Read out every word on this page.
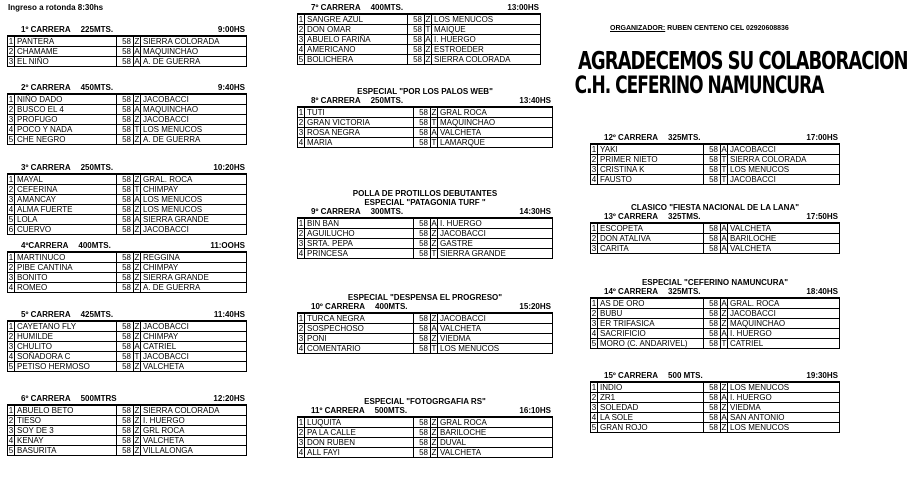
Ingreso a rotonda 8:30hs
ORGANIZADOR: RUBEN CENTENO CEL 02920608836
AGRADECEMOS SU COLABORACION
C.H. CEFERINO NAMUNCURA
1º CARRERA 225MTS.	9:00HS
1	PANTERA	58	Z	SIERRA COLORADA
2	CHAMAME	58	A	MAQUINCHAO
3	EL NIÑO	58	A	A. DE GUERRA
2º CARRERA 450MTS.	9:40HS
1	NIÑO DADO	58	Z	JACOBACCI
2	BUSCO EL 4	58	A	MAQUINCHAO
3	PROFUGO	58	Z	JACOBACCI
4	POCO Y NADA	58	T	LOS MENUCOS
5	CHE NEGRO	58	Z	A. DE GUERRA
3º CARRERA 250MTS.	10:20HS
1	MAYAL	58	Z	GRAL. ROCA
2	CEFERINA	58	T	CHIMPAY
3	AMANCAY	58	A	LOS MENUCOS
4	ALMA FUERTE	58	Z	LOS MENUCOS
5	LOLA	58	A	SIERRA GRANDE
6	CUERVO	58	Z	JACOBACCI
4ºCARRERA 400MTS.	11:OOHS
1	MARTINUCO	58	Z	REGGINA
2	PIBE CANTINA	58	Z	CHIMPAY
3	BONITO	58	Z	SIERRA GRANDE
4	ROMEO	58	Z	A. DE GUERRA
5º CARRERA 425MTS.	11:40HS
1	CAYETANO FLY	58	Z	JACOBACCI
2	HUMILDE	58	Z	CHIMPAY
3	CHULITO	58	A	CATRIEL
4	SOÑADORA C	58	T	JACOBACCI
5	PETISO HERMOSO	58	Z	VALCHETA
6º CARRERA 500MTRS	12:20HS
1	ABUELO BETO	58	Z	SIERRA COLORADA
2	TIESO	58	Z	I. HUERGO
3	SOY DE 3	58	Z	GRL ROCA
4	KENAY	58	Z	VALCHETA
5	BASURITA	58	Z	VILLALONGA
7º CARRERA 400MTS.	13:00HS
1	SANGRE AZUL	58	Z	LOS MENUCOS
2	DON OMAR	58	T	MAIQUE
3	ABUELO FARIÑA	58	A	I. HUERGO
4	AMERICANO	58	Z	ESTROEDER
5	BOLICHERA	58	Z	SIERRA COLORADA
ESPECIAL "POR LOS PALOS WEB"
8º CARRERA 250MTS.	13:40HS
1	TUTI	58	Z	GRAL ROCA
2	GRAN VICTORIA	58	T	MAQUINCHAO
3	ROSA NEGRA	58	A	VALCHETA
4	MARIA	58	T	LAMARQUE
POLLA DE PROTILLOS DEBUTANTES
ESPECIAL "PATAGONIA TURF "
9º CARRERA 300MTS.	14:30HS
1	BIN BAN	58	A	I. HUERGO
2	AGUILUCHO	58	Z	JACOBACCI
3	SRTA. PEPA	58	Z	GASTRE
4	PRINCESA	58	T	SIERRA GRANDE
ESPECIAL "DESPENSA EL PROGRESO"
10º CARRERA 400MTS.	15:20HS
1	TURCA NEGRA	58	Z	JACOBACCI
2	SOSPECHOSO	58	A	VALCHETA
3	PONI	58	Z	VIEDMA
4	COMENTARIO	58	T	LOS MENUCOS
ESPECIAL "FOTOGRGAFIA RS"
11º CARRERA 500MTS.	16:10HS
1	LUQUITA	58	Z	GRAL ROCA
2	PA LA CALLE	58	Z	BARILOCHE
3	DON RUBEN	58	Z	DUVAL
4	ALL FAYI	58	Z	VALCHETA
12º CARRERA 325MTS.	17:00HS
1	YAKI	58	A	JACOBACCI
2	PRIMER NIETO	58	T	SIERRA COLORADA
3	CRISTINA K	58	T	LOS MENUCOS
4	FAUSTO	58	T	JACOBACCI
CLASICO "FIESTA NACIONAL DE LA LANA"
13º CARRERA 325TMS.	17:50HS
1	ESCOPETA	58	A	VALCHETA
2	DON ATALIVA	58	A	BARILOCHE
3	CARITA	58	A	VALCHETA
ESPECIAL "CEFERINO NAMUNCURA"
14º CARRERA 325MTS.	18:40HS
1	AS DE ORO	58	A	GRAL. ROCA
2	BUBU	58	Z	JACOBACCI
3	ER TRIFASICA	58	Z	MAQUINCHAO
4	SACRIFICIO	58	A	I. HUERGO
5	MORO (C. ANDARIVEL)	58	T	CATRIEL
15º CARRERA 500 MTS.	19:30HS
1	INDIO	58	Z	LOS MENUCOS
2	ZR1	58	A	I. HUERGO
3	SOLEDAD	58	Z	VIEDMA
4	LA SOLE	58	A	SAN ANTONIO
5	GRAN ROJO	58	Z	LOS MENUCOS
